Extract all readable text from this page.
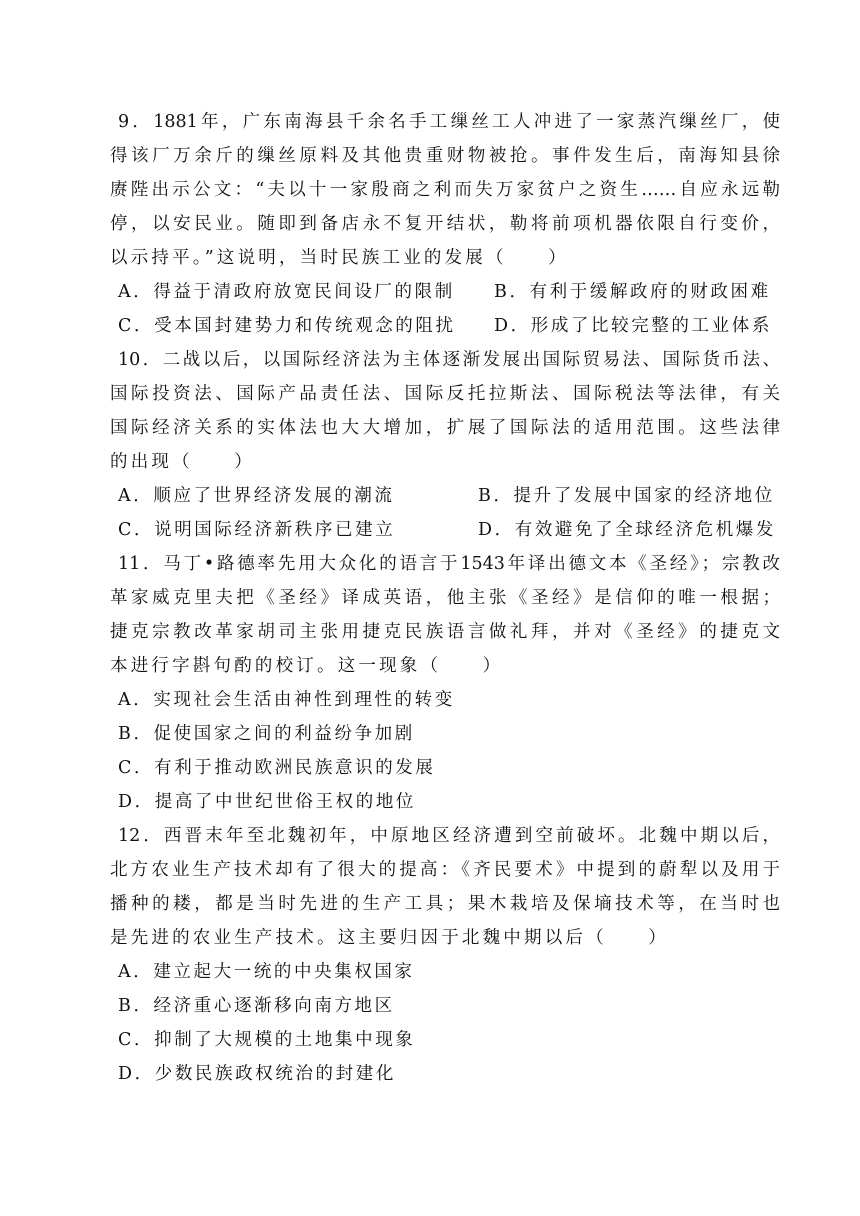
9．1881年，广东南海县千余名手工缫丝工人冲进了一家蒸汽缫丝厂，使
得该厂万余斤的缫丝原料及其他贵重财物被抢。事件发生后，南海知县徐
赓陛出示公文：“夫以十一家殷商之利而失万家贫户之资生……自应永远勒
停，以安民业。随即到备店永不复开结状，勒将前项机器依限自行变价，
以示持平。”这说明，当时民族工业的发展（　　）
A．得益于清政府放宽民间设厂的限制 B．有利于缓解政府的财政困难
C．受本国封建势力和传统观念的阻扰 D．形成了比较完整的工业体系
10．二战以后，以国际经济法为主体逐渐发展出国际贸易法、国际货币法、
国际投资法、国际产品责任法、国际反托拉斯法、国际税法等法律，有关
国际经济关系的实体法也大大增加，扩展了国际法的适用范围。这些法律
的出现（　　）
A．顺应了世界经济发展的潮流	B．提升了发展中国家的经济地位
C．说明国际经济新秩序已建立	D．有效避免了全球经济危机爆发
11．马丁•路德率先用大众化的语言于1543年译出德文本《圣经》；宗教改
革家威克里夫把《圣经》译成英语，他主张《圣经》是信仰的唯一根据；
捷克宗教改革家胡司主张用捷克民族语言做礼拜，并对《圣经》的捷克文
本进行字斟句酌的校订。这一现象（　　）
A．实现社会生活由神性到理性的转变
B．促使国家之间的利益纷争加剧
C．有利于推动欧洲民族意识的发展
D．提高了中世纪世俗王权的地位
12．西晋末年至北魏初年，中原地区经济遭到空前破坏。北魏中期以后，
北方农业生产技术却有了很大的提高：《齐民要术》中提到的蔚犁以及用于
播种的耧，都是当时先进的生产工具；果木栽培及保墒技术等，在当时也
是先进的农业生产技术。这主要归因于北魏中期以后（　　）
A．建立起大一统的中央集权国家
B．经济重心逐渐移向南方地区
C．抑制了大规模的土地集中现象
D．少数民族政权统治的封建化
